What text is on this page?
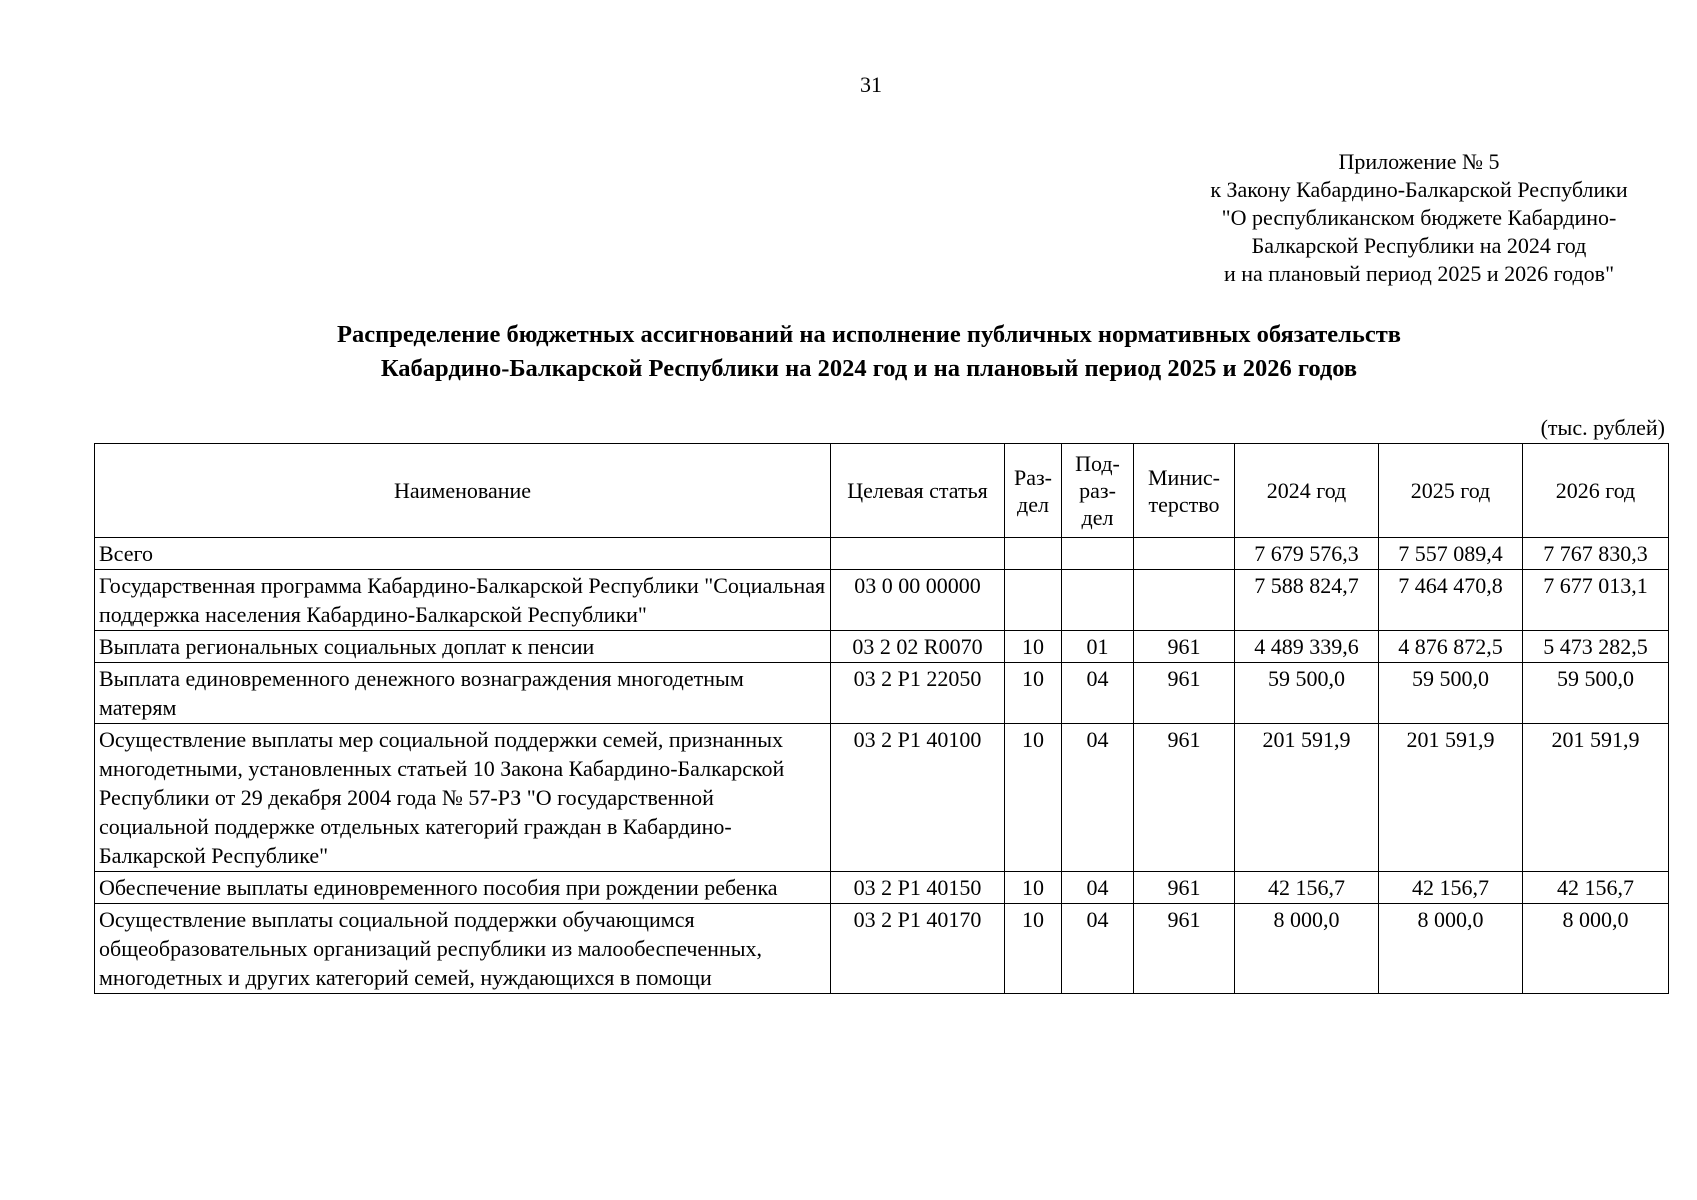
31
Приложение № 5
к Закону Кабардино-Балкарской Республики
"О республиканском бюджете Кабардино-
Балкарской Республики на 2024 год
и на плановый период 2025 и 2026 годов"
Распределение бюджетных ассигнований на исполнение публичных нормативных обязательств
Кабардино-Балкарской Республики на 2024 год и на плановый период 2025 и 2026 годов
(тыс. рублей)
Наименование	Целевая статья	Раз-дел	Под-раз-дел	Минис-терство	2024 год	2025 год	2026 год
Всего					7 679 576,3	7 557 089,4	7 767 830,3
Государственная программа Кабардино-Балкарской Республики "Социальная поддержка населения Кабардино-Балкарской Республики"	03 0 00 00000				7 588 824,7	7 464 470,8	7 677 013,1
Выплата региональных социальных доплат к пенсии	03 2 02 R0070	10	01	961	4 489 339,6	4 876 872,5	5 473 282,5
Выплата единовременного денежного вознаграждения многодетным матерям	03 2 P1 22050	10	04	961	59 500,0	59 500,0	59 500,0
Осуществление выплаты мер социальной поддержки семей, признанных многодетными, установленных статьей 10 Закона Кабардино-Балкарской Республики от 29 декабря 2004 года № 57-РЗ "О государственной социальной поддержке отдельных категорий граждан в Кабардино-Балкарской Республике"	03 2 P1 40100	10	04	961	201 591,9	201 591,9	201 591,9
Обеспечение выплаты единовременного пособия при рождении ребенка	03 2 P1 40150	10	04	961	42 156,7	42 156,7	42 156,7
Осуществление выплаты социальной поддержки обучающимся общеобразовательных организаций республики из малообеспеченных, многодетных и других категорий семей, нуждающихся в помощи	03 2 P1 40170	10	04	961	8 000,0	8 000,0	8 000,0
